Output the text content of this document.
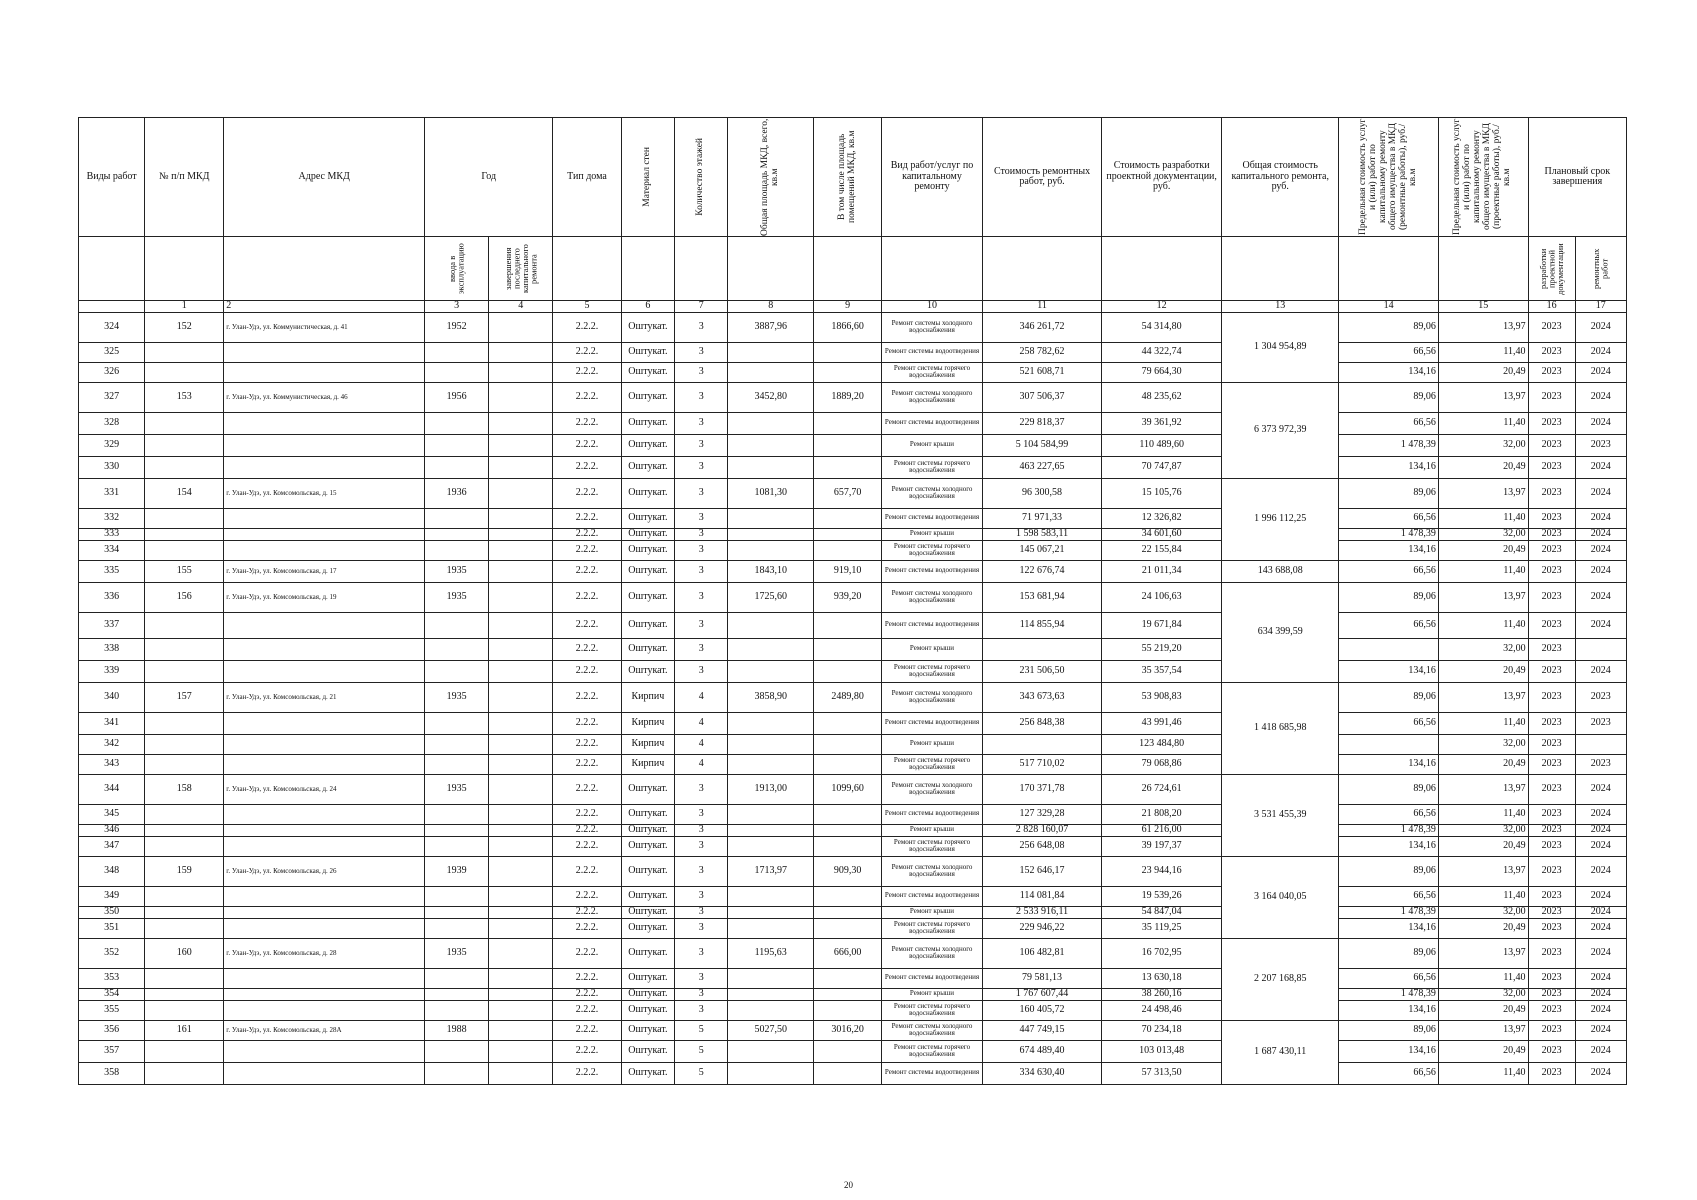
Виды работ	№ п/п МКД	Адрес МКД	Год		Тип дома	Материал стен	Количество этажей	Общая площадь МКД, всего, кв.м	В том числе площадь помещений МКД, кв.м	Вид работ/услуг по капитальному ремонту	Стоимость ремонтных работ, руб.	Стоимость разработки проектной документации, руб.	Общая стоимость капитального ремонта, руб.	Предельная стоимость услуг и (или) работ по капитальному ремонту общего имущества в МКД (ремонтные работы), руб./кв.м	Предельная стоимость услуг и (или) работ по капитальному ремонту общего имущества в МКД (проектные работы), руб./кв.м	Плановый срок завершения	

			ввода в эксплуатацию	завершения последнего капитального ремонта												разработки проектной документации	ремонтных работ

	1	2	3	4	5	6	7	8	9	10	11	12	13	14	15	16	17
324	152	г. Улан-Удэ, ул. Коммунистическая, д. 41	1952		2.2.2.	Оштукат.	3	3887,96	1866,60	Ремонт системы холодного водоснабжения	346 261,72	54 314,80	1 304 954,89	89,06	13,97	2023	2024
325					2.2.2.	Оштукат.	3			Ремонт системы водоотведения	258 782,62	44 322,74		66,56	11,40	2023	2024
326					2.2.2.	Оштукат.	3			Ремонт системы горячего водоснабжения	521 608,71	79 664,30		134,16	20,49	2023	2024
327	153	г. Улан-Удэ, ул. Коммунистическая, д. 46	1956		2.2.2.	Оштукат.	3	3452,80	1889,20	Ремонт системы холодного водоснабжения	307 506,37	48 235,62	6 373 972,39	89,06	13,97	2023	2024
328					2.2.2.	Оштукат.	3			Ремонт системы водоотведения	229 818,37	39 361,92		66,56	11,40	2023	2024
329					2.2.2.	Оштукат.	3			Ремонт крыши	5 104 584,99	110 489,60		1 478,39	32,00	2023	2023
330					2.2.2.	Оштукат.	3			Ремонт системы горячего водоснабжения	463 227,65	70 747,87		134,16	20,49	2023	2024
331	154	г. Улан-Удэ, ул. Комсомольская, д. 15	1936		2.2.2.	Оштукат.	3	1081,30	657,70	Ремонт системы холодного водоснабжения	96 300,58	15 105,76	1 996 112,25	89,06	13,97	2023	2024
332					2.2.2.	Оштукат.	3			Ремонт системы водоотведения	71 971,33	12 326,82		66,56	11,40	2023	2024
333					2.2.2.	Оштукат.	3			Ремонт крыши	1 598 583,11	34 601,60		1 478,39	32,00	2023	2024
334					2.2.2.	Оштукат.	3			Ремонт системы горячего водоснабжения	145 067,21	22 155,84		134,16	20,49	2023	2024
335	155	г. Улан-Удэ, ул. Комсомольская, д. 17	1935		2.2.2.	Оштукат.	3	1843,10	919,10	Ремонт системы водоотведения	122 676,74	21 011,34	143 688,08	66,56	11,40	2023	2024
336	156	г. Улан-Удэ, ул. Комсомольская, д. 19	1935		2.2.2.	Оштукат.	3	1725,60	939,20	Ремонт системы холодного водоснабжения	153 681,94	24 106,63	634 399,59	89,06	13,97	2023	2024
337					2.2.2.	Оштукат.	3			Ремонт системы водоотведения	114 855,94	19 671,84		66,56	11,40	2023	2024
338					2.2.2.	Оштукат.	3			Ремонт крыши		55 219,20			32,00	2023	
339					2.2.2.	Оштукат.	3			Ремонт системы горячего водоснабжения	231 506,50	35 357,54		134,16	20,49	2023	2024
340	157	г. Улан-Удэ, ул. Комсомольская, д. 21	1935		2.2.2.	Кирпич	4	3858,90	2489,80	Ремонт системы холодного водоснабжения	343 673,63	53 908,83	1 418 685,98	89,06	13,97	2023	2023
341					2.2.2.	Кирпич	4			Ремонт системы водоотведения	256 848,38	43 991,46		66,56	11,40	2023	2023
342					2.2.2.	Кирпич	4			Ремонт крыши		123 484,80			32,00	2023	
343					2.2.2.	Кирпич	4			Ремонт системы горячего водоснабжения	517 710,02	79 068,86		134,16	20,49	2023	2023
344	158	г. Улан-Удэ, ул. Комсомольская, д. 24	1935		2.2.2.	Оштукат.	3	1913,00	1099,60	Ремонт системы холодного водоснабжения	170 371,78	26 724,61	3 531 455,39	89,06	13,97	2023	2024
345					2.2.2.	Оштукат.	3			Ремонт системы водоотведения	127 329,28	21 808,20		66,56	11,40	2023	2024
346					2.2.2.	Оштукат.	3			Ремонт крыши	2 828 160,07	61 216,00		1 478,39	32,00	2023	2024
347					2.2.2.	Оштукат.	3			Ремонт системы горячего водоснабжения	256 648,08	39 197,37		134,16	20,49	2023	2024
348	159	г. Улан-Удэ, ул. Комсомольская, д. 26	1939		2.2.2.	Оштукат.	3	1713,97	909,30	Ремонт системы холодного водоснабжения	152 646,17	23 944,16	3 164 040,05	89,06	13,97	2023	2024
349					2.2.2.	Оштукат.	3			Ремонт системы водоотведения	114 081,84	19 539,26		66,56	11,40	2023	2024
350					2.2.2.	Оштукат.	3			Ремонт крыши	2 533 916,11	54 847,04		1 478,39	32,00	2023	2024
351					2.2.2.	Оштукат.	3			Ремонт системы горячего водоснабжения	229 946,22	35 119,25		134,16	20,49	2023	2024
352	160	г. Улан-Удэ, ул. Комсомольская, д. 28	1935		2.2.2.	Оштукат.	3	1195,63	666,00	Ремонт системы холодного водоснабжения	106 482,81	16 702,95	2 207 168,85	89,06	13,97	2023	2024
353					2.2.2.	Оштукат.	3			Ремонт системы водоотведения	79 581,13	13 630,18		66,56	11,40	2023	2024
354					2.2.2.	Оштукат.	3			Ремонт крыши	1 767 607,44	38 260,16		1 478,39	32,00	2023	2024
355					2.2.2.	Оштукат.	3			Ремонт системы горячего водоснабжения	160 405,72	24 498,46		134,16	20,49	2023	2024
356	161	г. Улан-Удэ, ул. Комсомольская, д. 28А	1988		2.2.2.	Оштукат.	5	5027,50	3016,20	Ремонт системы холодного водоснабжения	447 749,15	70 234,18	1 687 430,11	89,06	13,97	2023	2024
357					2.2.2.	Оштукат.	5			Ремонт системы горячего водоснабжения	674 489,40	103 013,48		134,16	20,49	2023	2024
358					2.2.2.	Оштукат.	5			Ремонт системы водоотведения	334 630,40	57 313,50		66,56	11,40	2023	2024
20
